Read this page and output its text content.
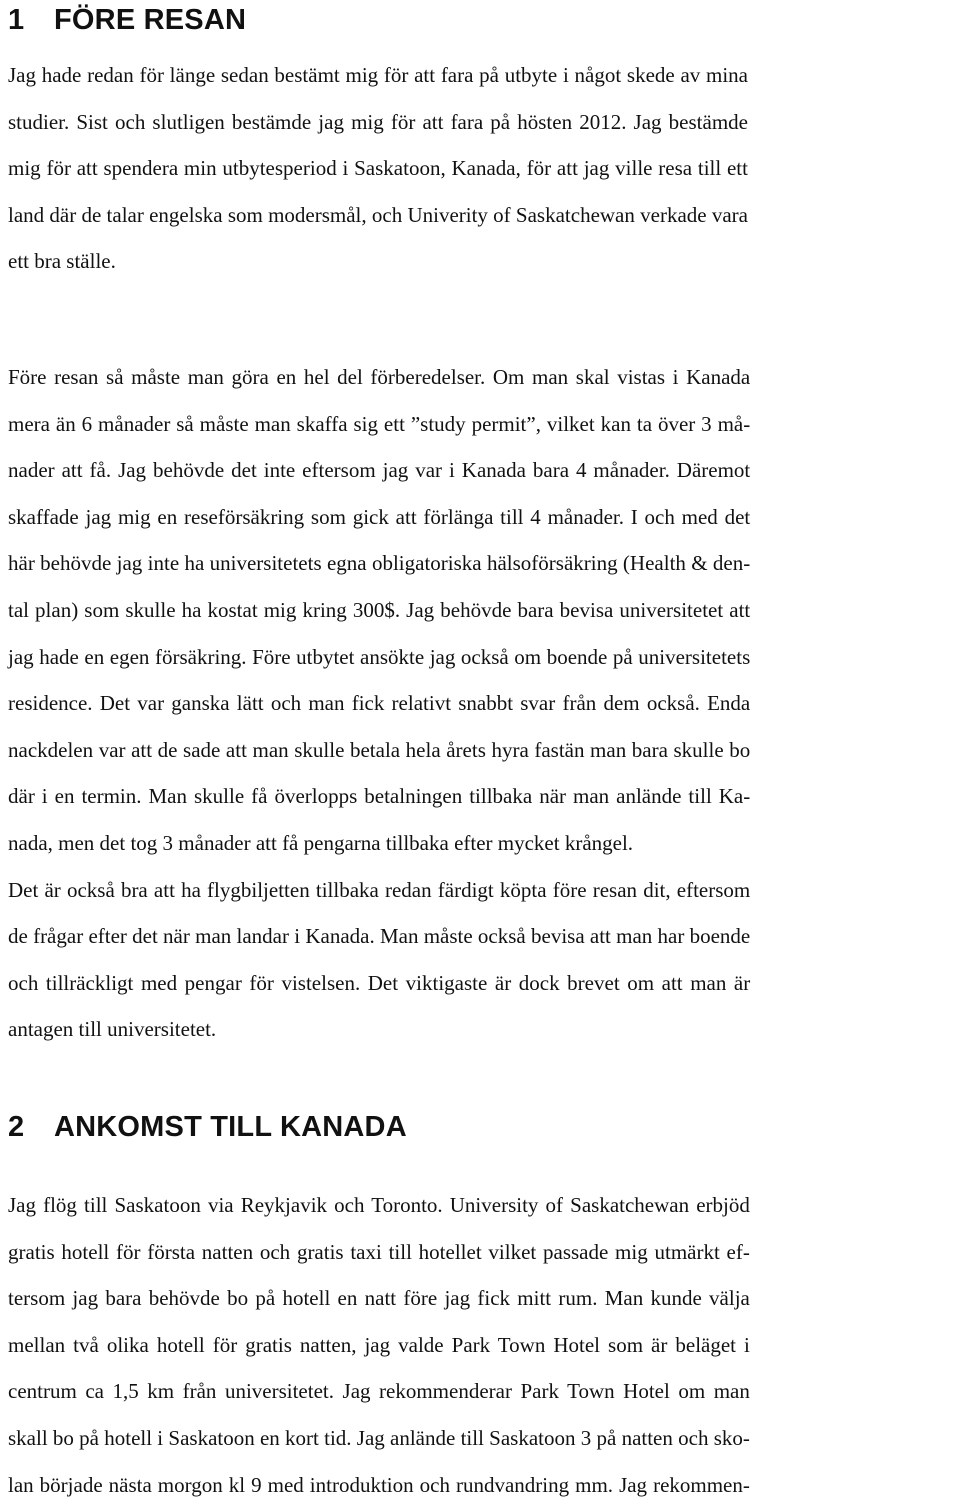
1 FÖRE RESAN
Jag hade redan för länge sedan bestämt mig för att fara på utbyte i något skede av mina
studier. Sist och slutligen bestämde jag mig för att fara på hösten 2012. Jag bestämde
mig för att spendera min utbytesperiod i Saskatoon, Kanada, för att jag ville resa till ett
land där de talar engelska som modersmål, och Univerity of Saskatchewan verkade vara
ett bra ställe.
Före resan så måste man göra en hel del förberedelser. Om man skal vistas i Kanada
mera än 6 månader så måste man skaffa sig ett ”study permit”, vilket kan ta över 3 må-
nader att få. Jag behövde det inte eftersom jag var i Kanada bara 4 månader. Däremot
skaffade jag mig en reseförsäkring som gick att förlänga till 4 månader. I och med det
här behövde jag inte ha universitetets egna obligatoriska hälsoförsäkring (Health & den-
tal plan) som skulle ha kostat mig kring 300$. Jag behövde bara bevisa universitetet att
jag hade en egen försäkring. Före utbytet ansökte jag också om boende på universitetets
residence. Det var ganska lätt och man fick relativt snabbt svar från dem också. Enda
nackdelen var att de sade att man skulle betala hela årets hyra fastän man bara skulle bo
där i en termin. Man skulle få överlopps betalningen tillbaka när man anlände till Ka-
nada, men det tog 3 månader att få pengarna tillbaka efter mycket krångel.
Det är också bra att ha flygbiljetten tillbaka redan färdigt köpta före resan dit, eftersom
de frågar efter det när man landar i Kanada. Man måste också bevisa att man har boende
och tillräckligt med pengar för vistelsen. Det viktigaste är dock brevet om att man är
antagen till universitetet.
2 ANKOMST TILL KANADA
Jag flög till Saskatoon via Reykjavik och Toronto. University of Saskatchewan erbjöd
gratis hotell för första natten och gratis taxi till hotellet vilket passade mig utmärkt ef-
tersom jag bara behövde bo på hotell en natt före jag fick mitt rum. Man kunde välja
mellan två olika hotell för gratis natten, jag valde Park Town Hotel som är beläget i
centrum ca 1,5 km från universitetet. Jag rekommenderar Park Town Hotel om man
skall bo på hotell i Saskatoon en kort tid. Jag anlände till Saskatoon 3 på natten och sko-
lan började nästa morgon kl 9 med introduktion och rundvandring mm. Jag rekommen-
